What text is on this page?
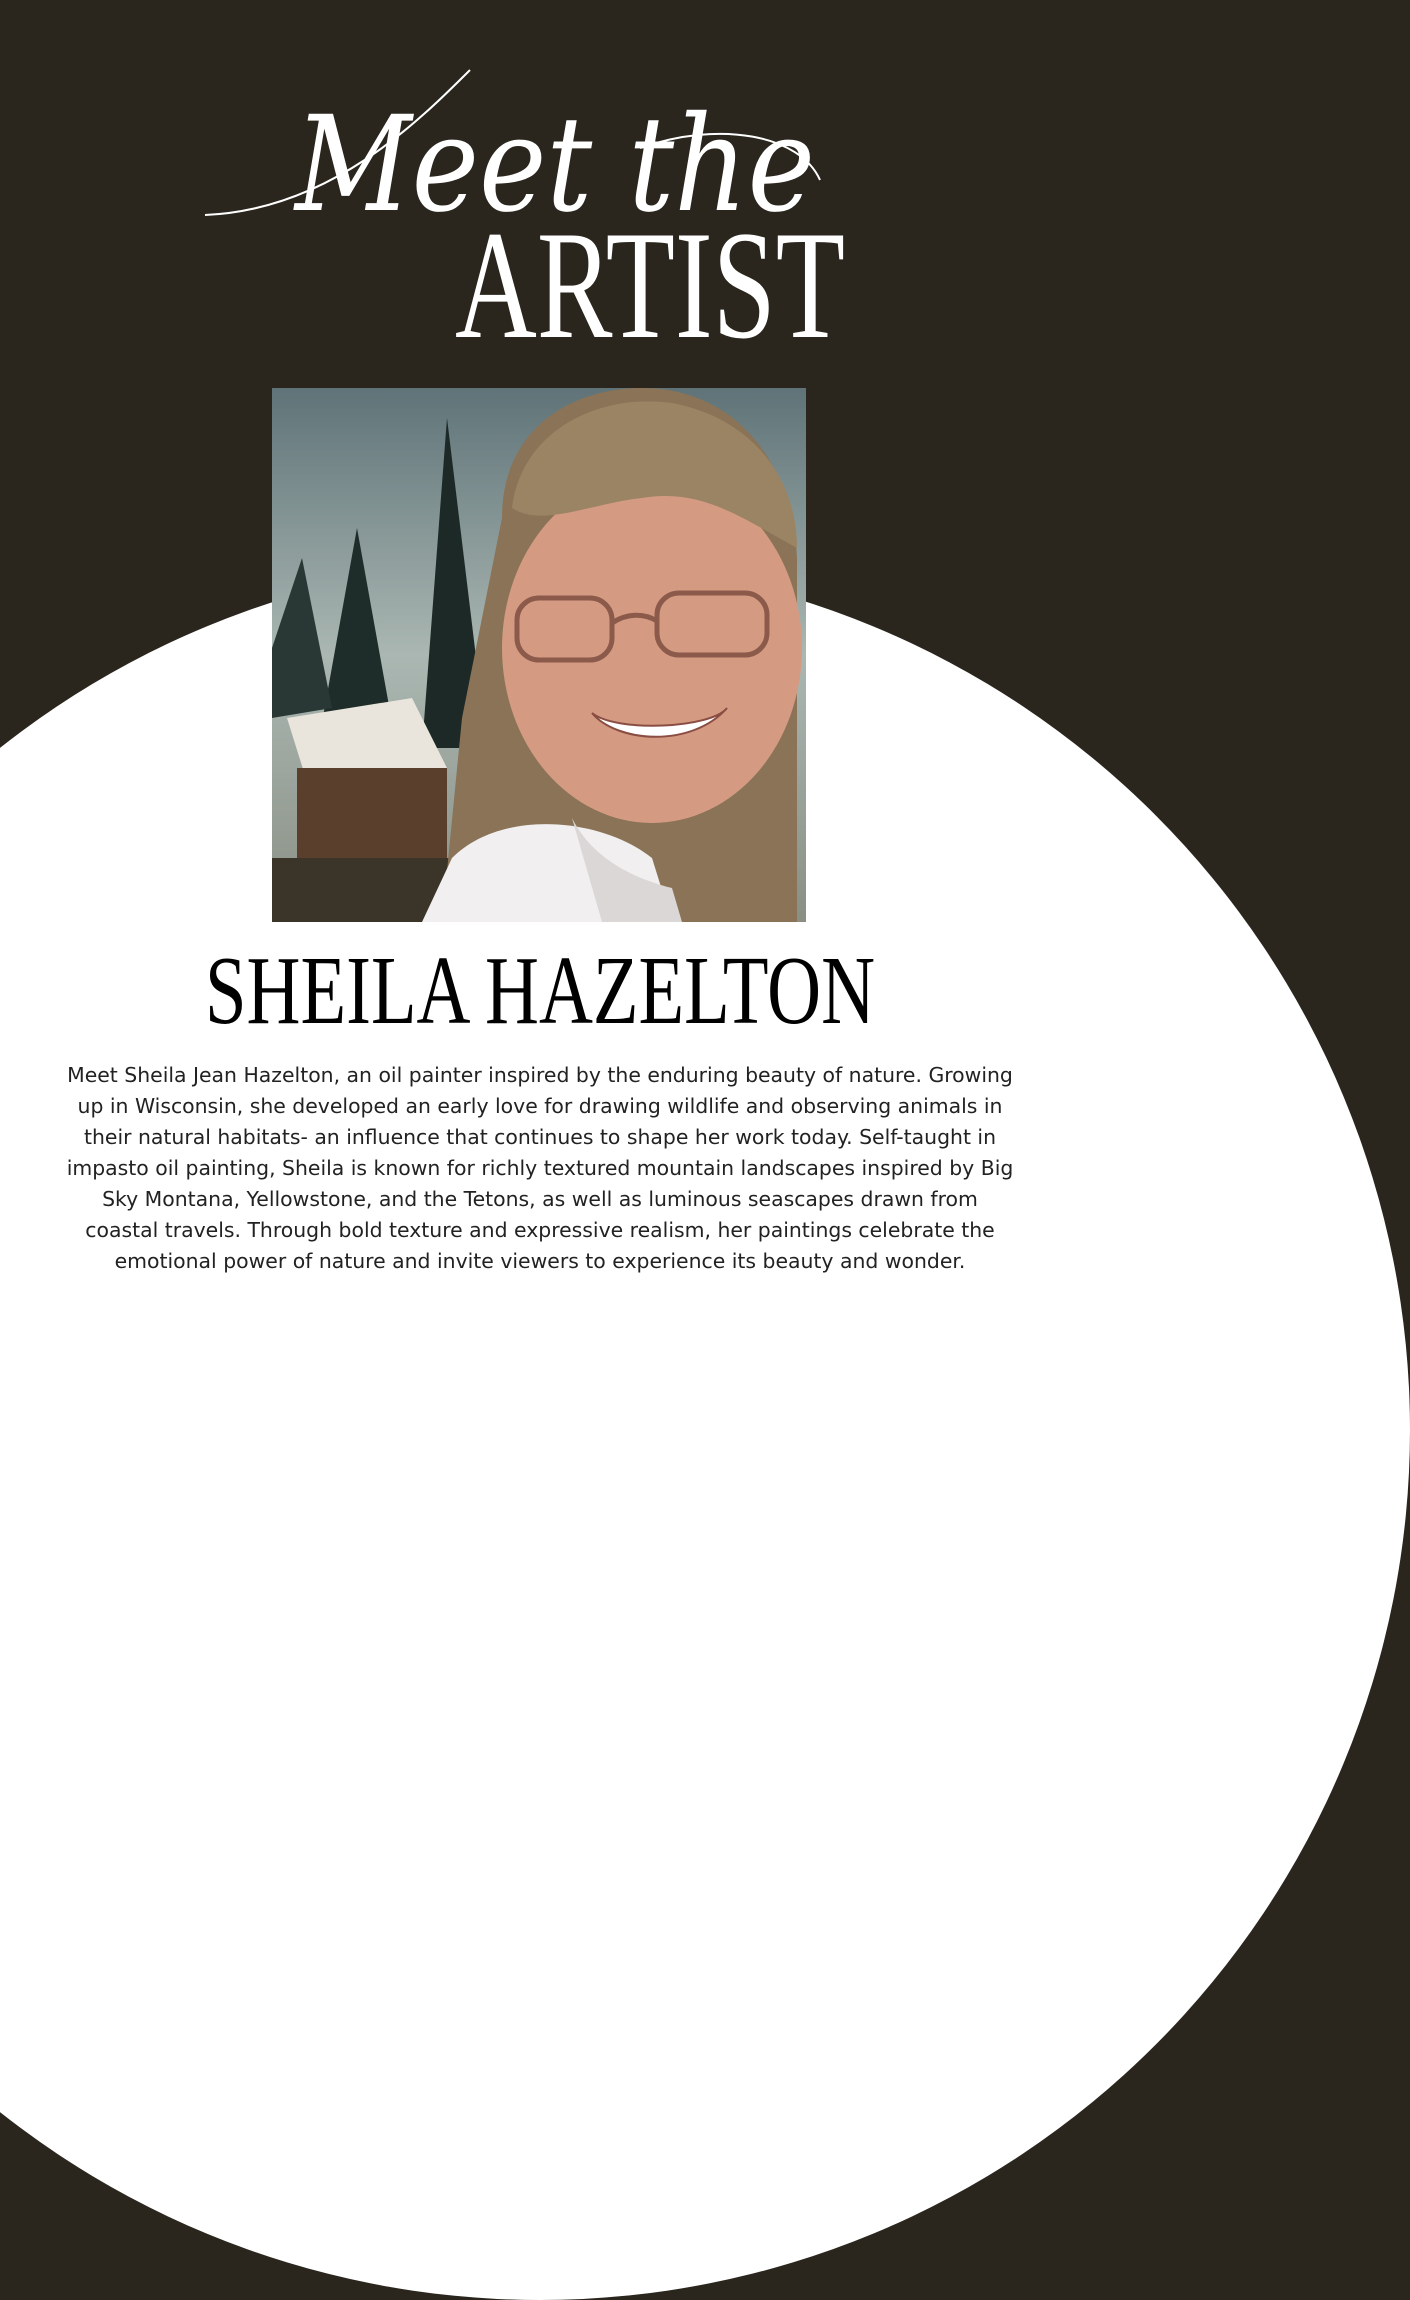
Meet the
ARTIST
SHEILA HAZELTON

Meet Sheila Jean Hazelton, an oil painter inspired by the enduring beauty of nature. Growing up in Wisconsin, she developed an early love for drawing wildlife and observing animals in their natural habitats- an influence that continues to shape her work today. Self-taught in impasto oil painting, Sheila is known for richly textured mountain landscapes inspired by Big Sky Montana, Yellowstone, and the Tetons, as well as luminous seascapes drawn from coastal travels. Through bold texture and expressive realism, her paintings celebrate the emotional power of nature and invite viewers to experience its beauty and wonder.
